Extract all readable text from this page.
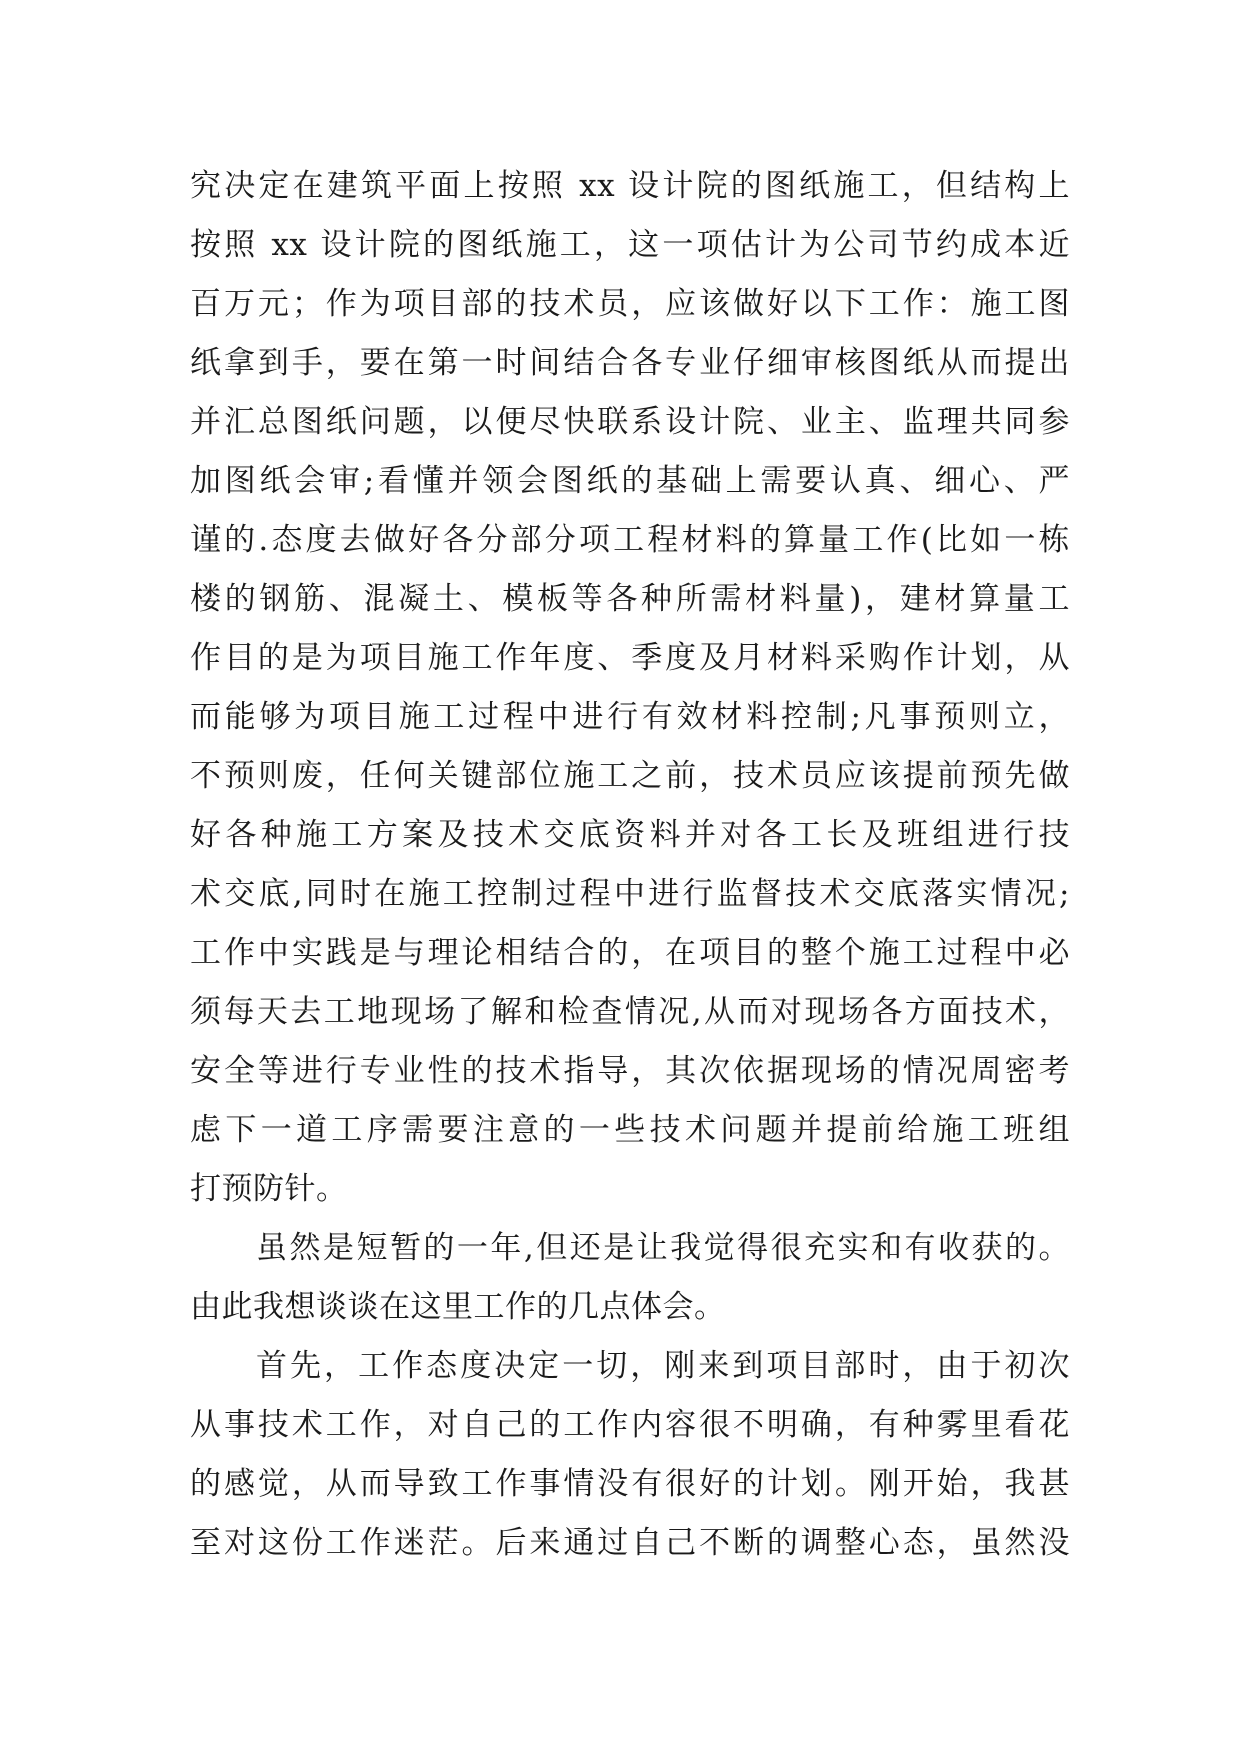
究决定在建筑平面上按照 xx 设计院的图纸施工，但结构上
按照 xx 设计院的图纸施工，这一项估计为公司节约成本近
百万元；作为项目部的技术员，应该做好以下工作：施工图
纸拿到手，要在第一时间结合各专业仔细审核图纸从而提出
并汇总图纸问题，以便尽快联系设计院、业主、监理共同参
加图纸会审;看懂并领会图纸的基础上需要认真、细心、严
谨的.态度去做好各分部分项工程材料的算量工作(比如一栋
楼的钢筋、混凝土、模板等各种所需材料量)，建材算量工
作目的是为项目施工作年度、季度及月材料采购作计划，从
而能够为项目施工过程中进行有效材料控制;凡事预则立，
不预则废，任何关键部位施工之前，技术员应该提前预先做
好各种施工方案及技术交底资料并对各工长及班组进行技
术交底,同时在施工控制过程中进行监督技术交底落实情况;
工作中实践是与理论相结合的，在项目的整个施工过程中必
须每天去工地现场了解和检查情况,从而对现场各方面技术，
安全等进行专业性的技术指导，其次依据现场的情况周密考
虑下一道工序需要注意的一些技术问题并提前给施工班组
打预防针。
虽然是短暂的一年,但还是让我觉得很充实和有收获的。
由此我想谈谈在这里工作的几点体会。
首先，工作态度决定一切，刚来到项目部时，由于初次
从事技术工作，对自己的工作内容很不明确，有种雾里看花
的感觉，从而导致工作事情没有很好的计划。刚开始，我甚
至对这份工作迷茫。后来通过自己不断的调整心态，虽然没
